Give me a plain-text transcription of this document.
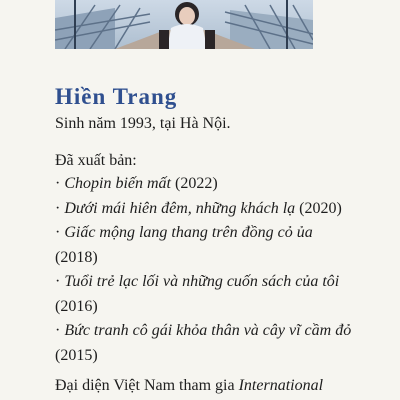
Hiền Trang
Sinh năm 1993, tại Hà Nội.
Đã xuất bản:
· Chopin biến mất (2022)
· Dưới mái hiên đêm, những khách lạ (2020)
· Giấc mộng lang thang trên đồng cỏ ủa (2018)
· Tuổi trẻ lạc lối và những cuốn sách của tôi (2016)
· Bức tranh cô gái khỏa thân và cây vĩ cầm đỏ (2015)
Đại diện Việt Nam tham gia International
